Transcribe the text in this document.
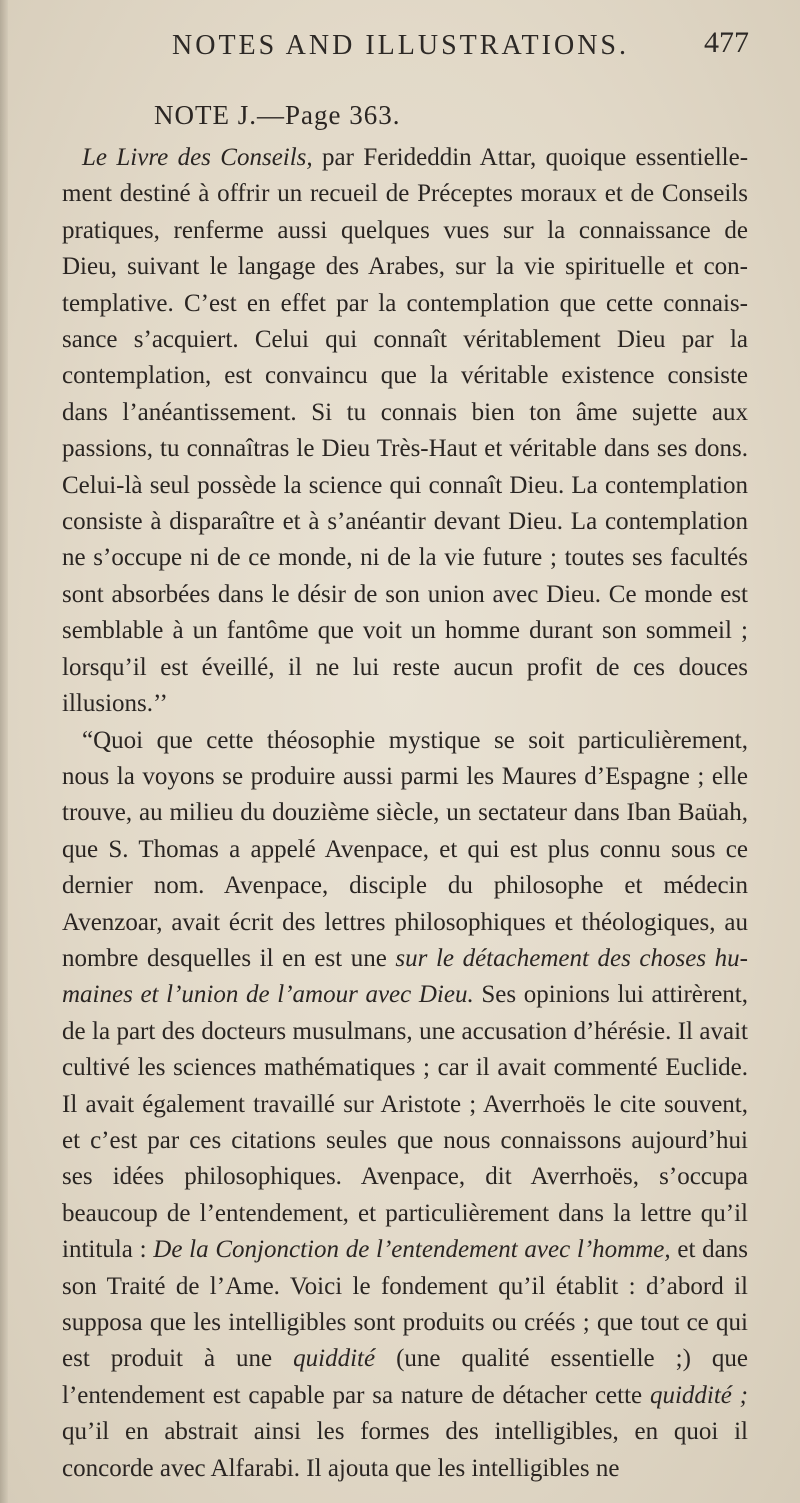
NOTES AND ILLUSTRATIONS.	477
NOTE J.—Page 363.

Le Livre des Conseils, par Ferideddin Attar, quoique essentiellement destiné à offrir un recueil de Préceptes moraux et de Conseils pratiques, renferme aussi quelques vues sur la connaissance de Dieu, suivant le langage des Arabes, sur la vie spirituelle et contemplative. C’est en effet par la contemplation que cette connaissance s’acquiert. Celui qui connaît véritablement Dieu par la contemplation, est convaincu que la véritable existence consiste dans l’anéantissement. Si tu connais bien ton âme sujette aux passions, tu connaîtras le Dieu Très-Haut et véritable dans ses dons. Celui-là seul possède la science qui connaît Dieu. La contemplation consiste à disparaître et à s’anéantir devant Dieu. La contemplation ne s’occupe ni de ce monde, ni de la vie future ; toutes ses facultés sont absorbées dans le désir de son union avec Dieu. Ce monde est semblable à un fantôme que voit un homme durant son sommeil ; lorsqu’il est éveillé, il ne lui reste aucun profit de ces douces illusions.’’

“Quoi que cette théosophie mystique se soit particulièrement, nous la voyons se produire aussi parmi les Maures d’Espagne ; elle trouve, au milieu du douzième siècle, un sectateur dans Iban Baüah, que S. Thomas a appelé Avenpace, et qui est plus connu sous ce dernier nom. Avenpace, disciple du philosophe et médecin Avenzoar, avait écrit des lettres philosophiques et théologiques, au nombre desquelles il en est une sur le détachement des choses humaines et l’union de l’amour avec Dieu. Ses opinions lui attirèrent, de la part des docteurs musulmans, une accusation d’hérésie. Il avait cultivé les sciences mathématiques ; car il avait commenté Euclide. Il avait également travaillé sur Aristote ; Averrhoës le cite souvent, et c’est par ces citations seules que nous connaissons aujourd’hui ses idées philosophiques. Avenpace, dit Averrhoës, s’occupa beaucoup de l’entendement, et particulièrement dans la lettre qu’il intitula : De la Conjonction de l’entendement avec l’homme, et dans son Traité de l’Ame. Voici le fondement qu’il établit : d’abord il supposa que les intelligibles sont produits ou créés ; que tout ce qui est produit à une quiddité (une qualité essentielle ;) que l’entendement est capable par sa nature de détacher cette quiddité ; qu’il en abstrait ainsi les formes des intelligibles, en quoi il concorde avec Alfarabi. Il ajouta que les intelligibles ne
